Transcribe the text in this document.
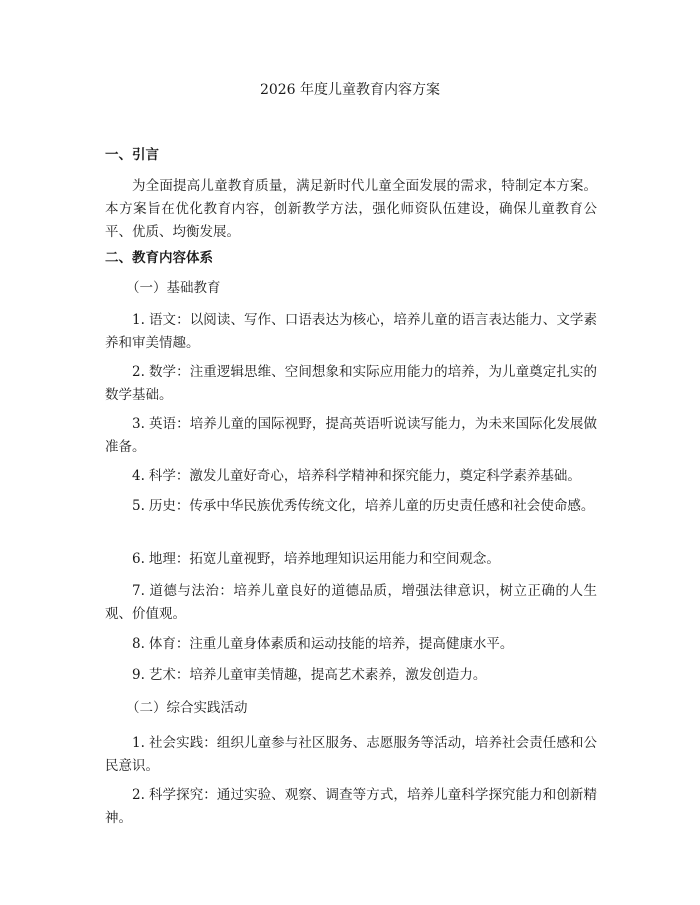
2026 年度儿童教育内容方案
一、引言
为全面提高儿童教育质量，满足新时代儿童全面发展的需求，特制定本方案。本方案旨在优化教育内容，创新教学方法，强化师资队伍建设，确保儿童教育公平、优质、均衡发展。
二、教育内容体系
（一）基础教育
1. 语文：以阅读、写作、口语表达为核心，培养儿童的语言表达能力、文学素养和审美情趣。
2. 数学：注重逻辑思维、空间想象和实际应用能力的培养，为儿童奠定扎实的数学基础。
3. 英语：培养儿童的国际视野，提高英语听说读写能力，为未来国际化发展做准备。
4. 科学：激发儿童好奇心，培养科学精神和探究能力，奠定科学素养基础。
5. 历史：传承中华民族优秀传统文化，培养儿童的历史责任感和社会使命感。
6. 地理：拓宽儿童视野，培养地理知识运用能力和空间观念。
7. 道德与法治：培养儿童良好的道德品质，增强法律意识，树立正确的人生观、价值观。
8. 体育：注重儿童身体素质和运动技能的培养，提高健康水平。
9. 艺术：培养儿童审美情趣，提高艺术素养，激发创造力。
（二）综合实践活动
1. 社会实践：组织儿童参与社区服务、志愿服务等活动，培养社会责任感和公民意识。
2. 科学探究：通过实验、观察、调查等方式，培养儿童科学探究能力和创新精神。
